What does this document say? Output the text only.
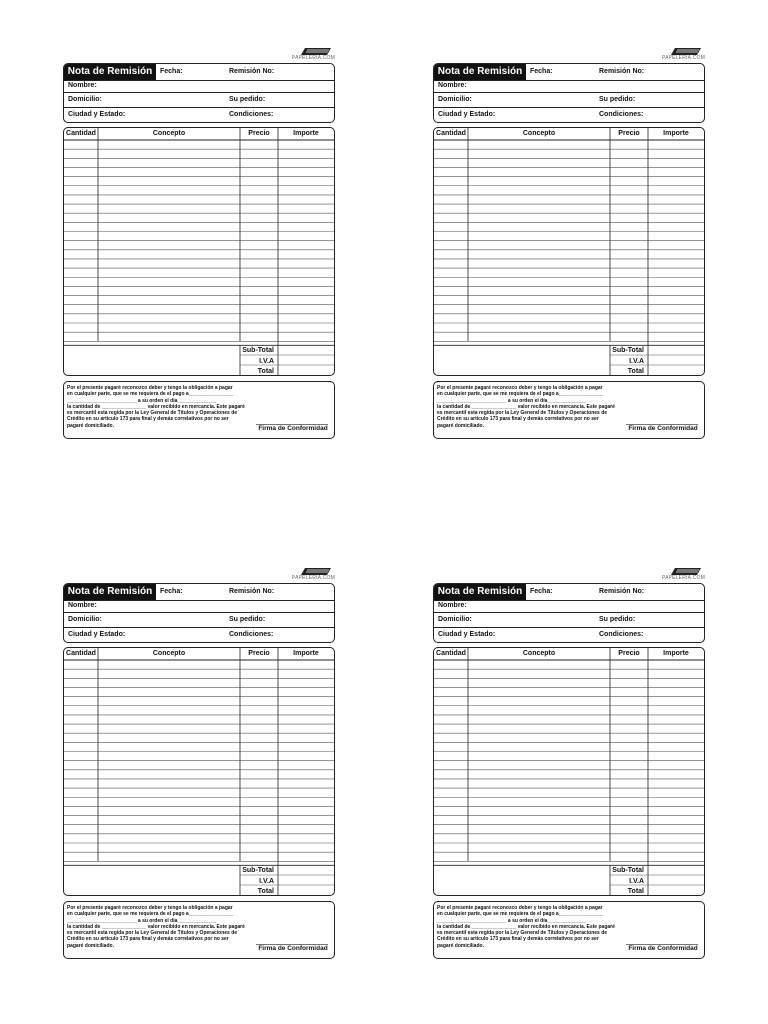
PAPELERIA.COM
Nota de Remisión	Fecha:	Remisión No:
Nombre:
Domicilio:	Su pedido:
Ciudad y Estado:	Condiciones:
Cantidad	Concepto	Precio	Importe
Sub-Total
I.V.A
Total
Por el presente pagaré reconozco deber y tengo la obligación a pagar
en cualquier parte, que se me requiera de el pago a________________
_________________________ a su orden el día______________
la cantidad de ________________ valor recibido en mercancía. Este pagaré
es mercantil esta regida por la Ley General de Títulos y Operaciones de
Crédito en su articulo 173 para final y demás correlativos por no ser
pagaré domiciliado.	Firma de Conformidad
PAPELERIA.COM
Nota de Remisión	Fecha:	Remisión No:
Nombre:
Domicilio:	Su pedido:
Ciudad y Estado:	Condiciones:
Cantidad	Concepto	Precio	Importe
Sub-Total
I.V.A
Total
Por el presente pagaré reconozco deber y tengo la obligación a pagar
en cualquier parte, que se me requiera de el pago a________________
_________________________ a su orden el día______________
la cantidad de ________________ valor recibido en mercancía. Este pagaré
es mercantil esta regida por la Ley General de Títulos y Operaciones de
Crédito en su articulo 173 para final y demás correlativos por no ser
pagaré domiciliado.	Firma de Conformidad
PAPELERIA.COM
Nota de Remisión	Fecha:	Remisión No:
Nombre:
Domicilio:	Su pedido:
Ciudad y Estado:	Condiciones:
Cantidad	Concepto	Precio	Importe
Sub-Total
I.V.A
Total
Por el presente pagaré reconozco deber y tengo la obligación a pagar
en cualquier parte, que se me requiera de el pago a________________
_________________________ a su orden el día______________
la cantidad de ________________ valor recibido en mercancía. Este pagaré
es mercantil esta regida por la Ley General de Títulos y Operaciones de
Crédito en su articulo 173 para final y demás correlativos por no ser
pagaré domiciliado.	Firma de Conformidad
PAPELERIA.COM
Nota de Remisión	Fecha:	Remisión No:
Nombre:
Domicilio:	Su pedido:
Ciudad y Estado:	Condiciones:
Cantidad	Concepto	Precio	Importe
Sub-Total
I.V.A
Total
Por el presente pagaré reconozco deber y tengo la obligación a pagar
en cualquier parte, que se me requiera de el pago a________________
_________________________ a su orden el día______________
la cantidad de ________________ valor recibido en mercancía. Este pagaré
es mercantil esta regida por la Ley General de Títulos y Operaciones de
Crédito en su articulo 173 para final y demás correlativos por no ser
pagaré domiciliado.	Firma de Conformidad
